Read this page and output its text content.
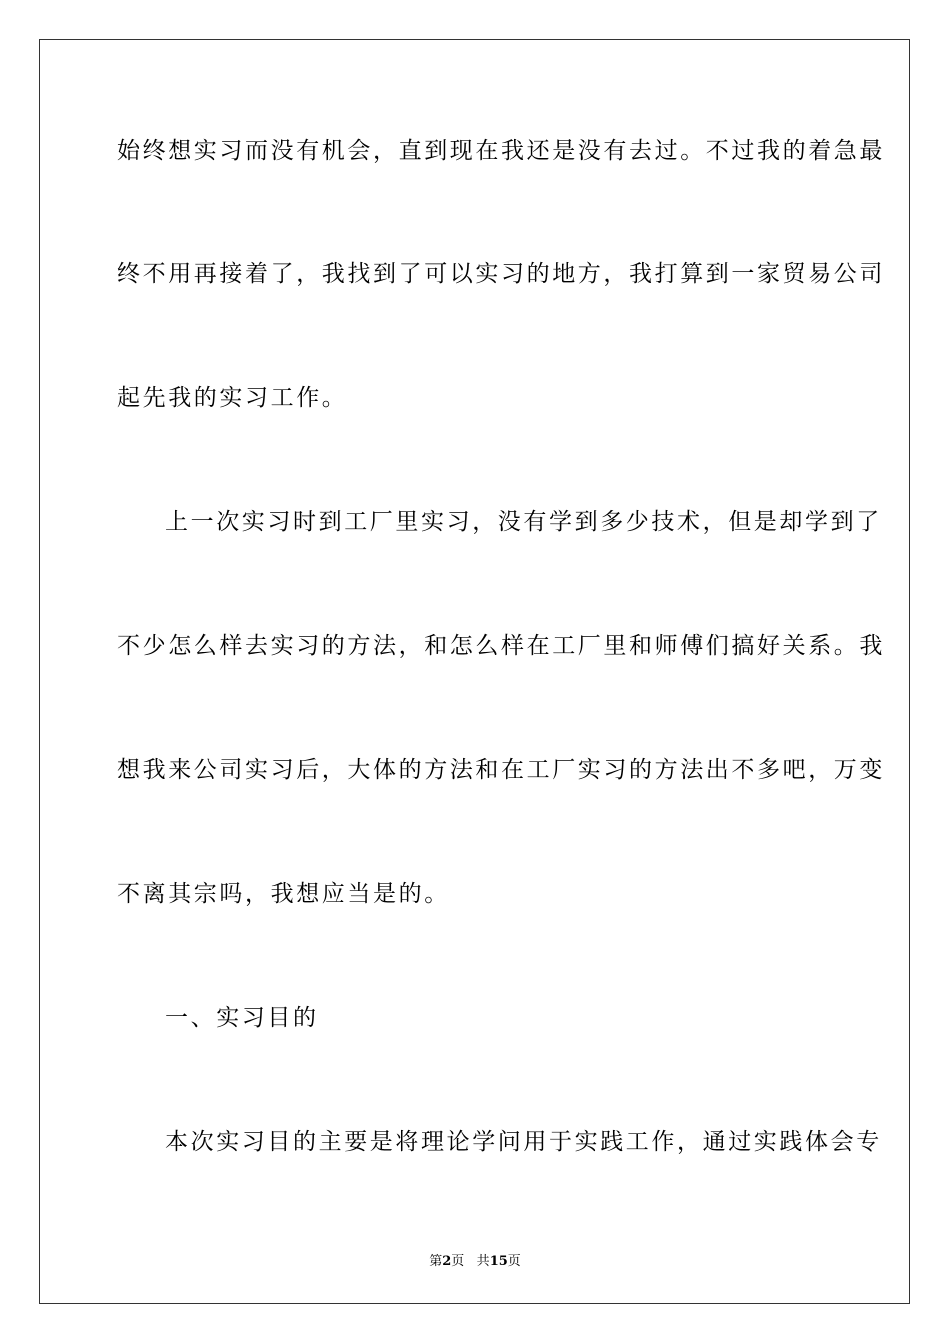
始终想实习而没有机会，直到现在我还是没有去过。不过我的着急最
终不用再接着了，我找到了可以实习的地方，我打算到一家贸易公司
起先我的实习工作。
上一次实习时到工厂里实习，没有学到多少技术，但是却学到了
不少怎么样去实习的方法，和怎么样在工厂里和师傅们搞好关系。我
想我来公司实习后，大体的方法和在工厂实习的方法出不多吧，万变
不离其宗吗，我想应当是的。
一、实习目的
本次实习目的主要是将理论学问用于实践工作，通过实践体会专
第2页 共15页
